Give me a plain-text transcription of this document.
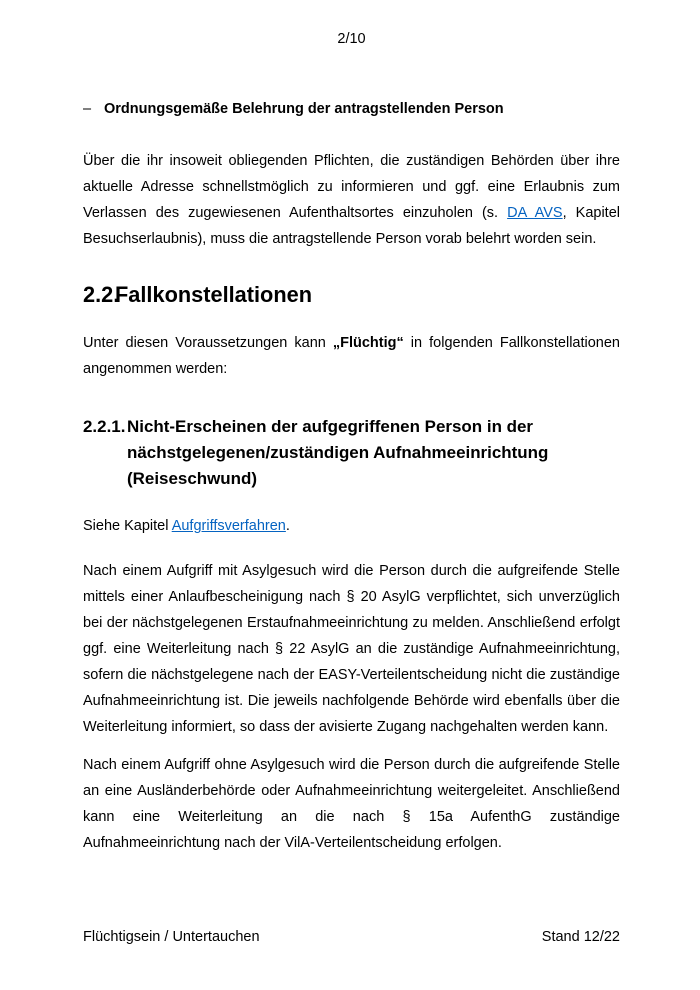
2/10
– Ordnungsgemäße Belehrung der antragstellenden Person

Über die ihr insoweit obliegenden Pflichten, die zuständigen Behörden über ihre aktuelle Adresse schnellstmöglich zu informieren und ggf. eine Erlaubnis zum Verlassen des zugewiesenen Aufenthaltsortes einzuholen (s. DA AVS, Kapitel Besuchserlaubnis), muss die antragstellende Person vorab belehrt worden sein.

2.2.
Fallkonstellationen

Unter diesen Voraussetzungen kann „Flüchtig“ in folgenden Fallkonstellationen angenommen werden:

2.2.1. Nicht-Erscheinen der aufgegriffenen Person in der nächstgelegenen/zuständigen Aufnahmeeinrichtung (Reiseschwund)

Siehe Kapitel Aufgriffsverfahren.

Nach einem Aufgriff mit Asylgesuch wird die Person durch die aufgreifende Stelle mittels einer Anlaufbescheinigung nach § 20 AsylG verpflichtet, sich unverzüglich bei der nächstgelegenen Erstaufnahmeeinrichtung zu melden. Anschließend erfolgt ggf. eine Weiterleitung nach § 22 AsylG an die zuständige Aufnahmeeinrichtung, sofern die nächstgelegene nach der EASY-Verteilentscheidung nicht die zuständige Aufnahmeeinrichtung ist. Die jeweils nachfolgende Behörde wird ebenfalls über die Weiterleitung informiert, so dass der avisierte Zugang nachgehalten werden kann.

Nach einem Aufgriff ohne Asylgesuch wird die Person durch die aufgreifende Stelle an eine Ausländerbehörde oder Aufnahmeeinrichtung weitergeleitet. Anschließend kann eine Weiterleitung an die nach § 15a AufenthG zuständige Aufnahmeeinrichtung nach der VilA-Verteilentscheidung erfolgen.

Flüchtigsein / Untertauchen	Stand 12/22
